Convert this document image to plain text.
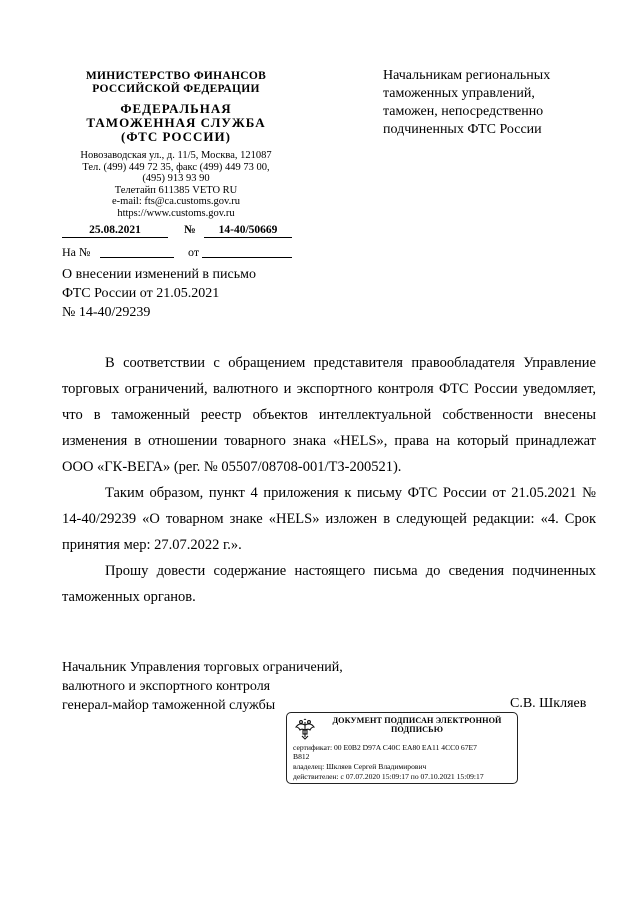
МИНИСТЕРСТВО ФИНАНСОВ
РОССИЙСКОЙ ФЕДЕРАЦИИ
ФЕДЕРАЛЬНАЯ
ТАМОЖЕННАЯ СЛУЖБА
(ФТС РОССИИ)
Новозаводская ул., д. 11/5, Москва, 121087
Тел. (499) 449 72 35, факс (499) 449 73 00,
(495) 913 93 90
Телетайп 611385 VETO RU
e-mail: fts@ca.customs.gov.ru
https://www.customs.gov.ru
25.08.2021	№	14-40/50669
На №	от
О внесении изменений в письмо
ФТС России от 21.05.2021
№ 14-40/29239
Начальникам региональных
таможенных управлений,
таможен, непосредственно
подчиненных ФТС России

В соответствии с обращением представителя правообладателя Управление торговых ограничений, валютного и экспортного контроля ФТС России уведомляет, что в таможенный реестр объектов интеллектуальной собственности внесены изменения в отношении товарного знака «HELS», права на который принадлежат ООО «ГК-ВЕГА» (рег. № 05507/08708-001/ТЗ-200521).

Таким образом, пункт 4 приложения к письму ФТС России от 21.05.2021 № 14-40/29239 «О товарном знаке «HELS» изложен в следующей редакции: «4. Срок принятия мер: 27.07.2022 г.».

Прошу довести содержание настоящего письма до сведения подчиненных таможенных органов.

Начальник Управления торговых ограничений,
валютного и экспортного контроля
генерал-майор таможенной службы	С.В. Шкляев
ДОКУМЕНТ ПОДПИСАН ЭЛЕКТРОННОЙ
ПОДПИСЬЮ
сертификат: 00 E0B2 D97A C40C EA80 EA11 4CC0 67E7
B812
владелец: Шкляев Сергей Владимирович
действителен: с 07.07.2020 15:09:17 по 07.10.2021 15:09:17
